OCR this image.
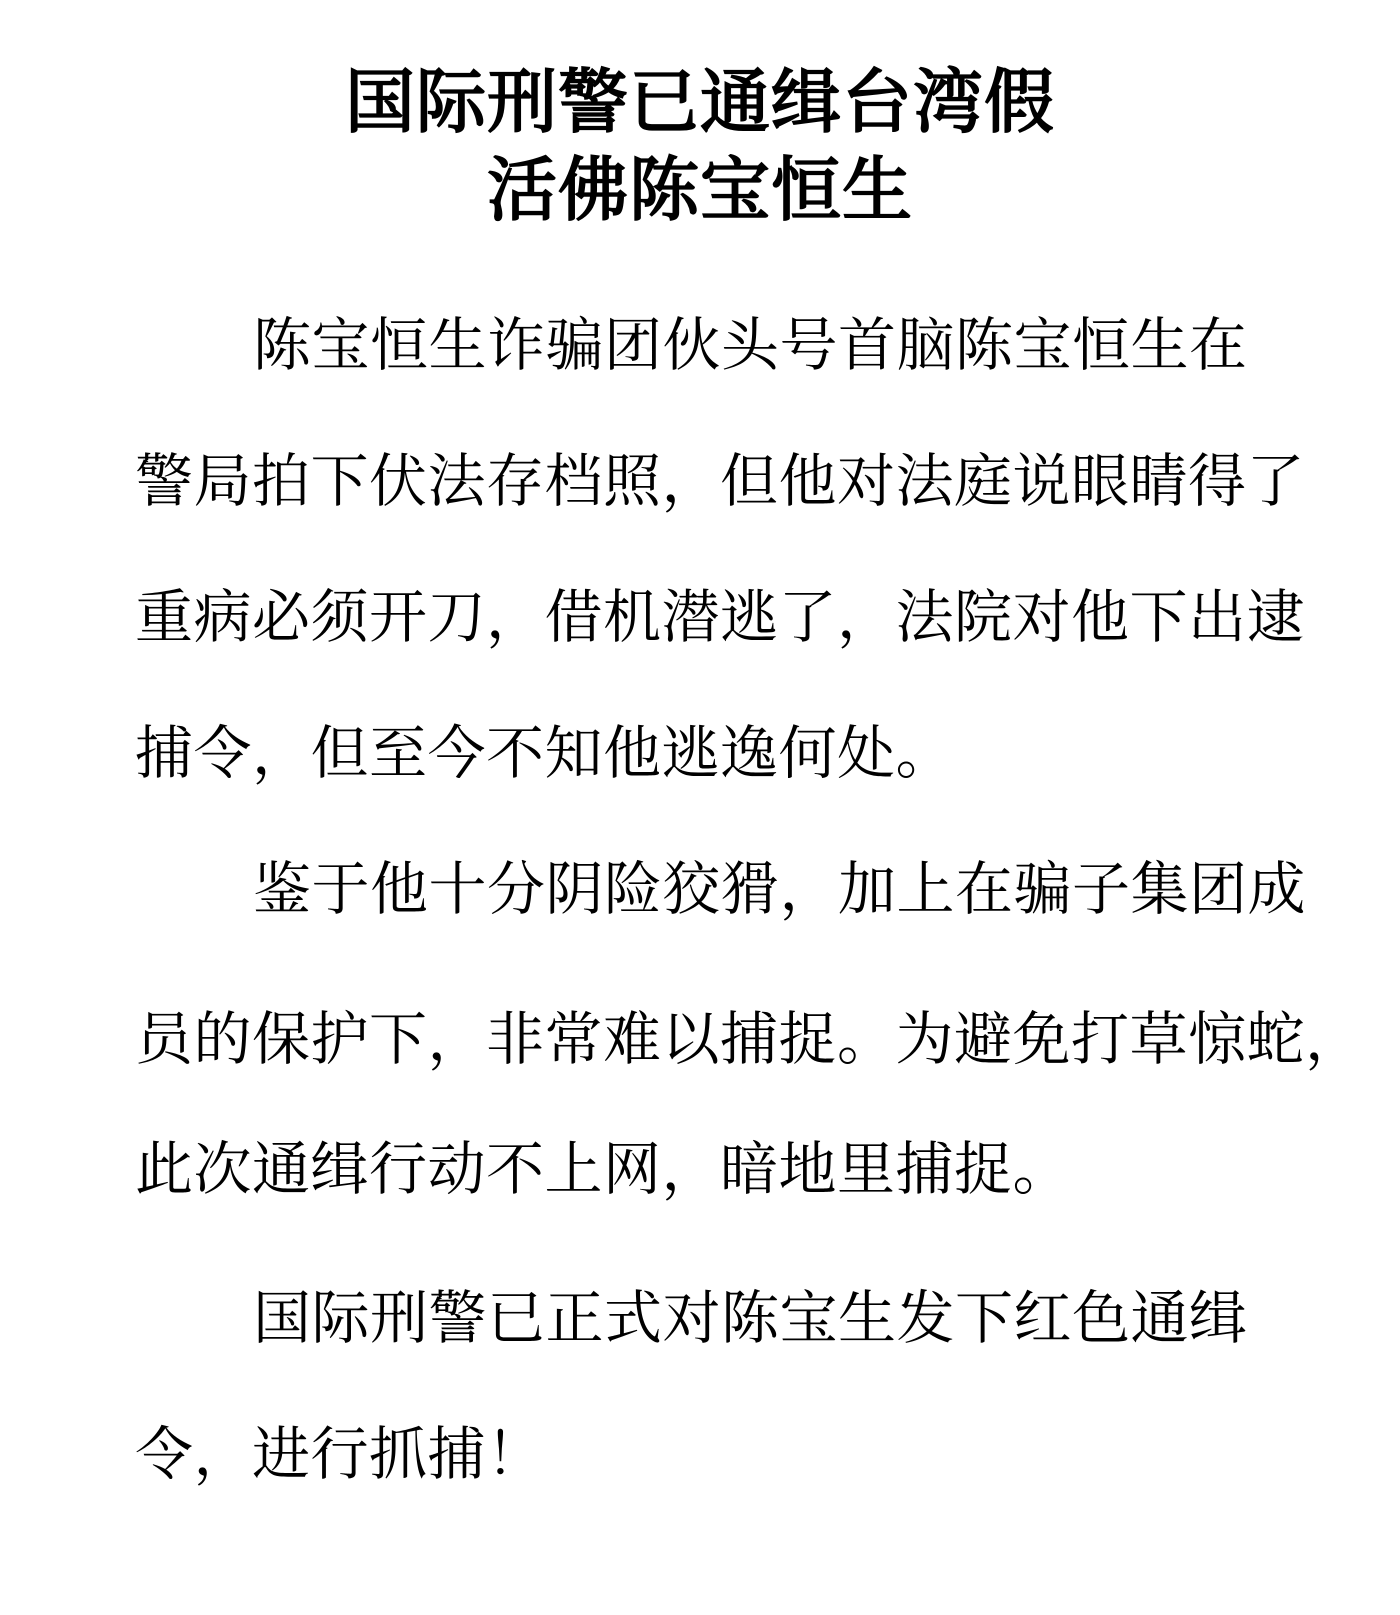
国际刑警已通缉台湾假
活佛陈宝恒生
陈宝恒生诈骗团伙头号首脑陈宝恒生在
警局拍下伏法存档照，但他对法庭说眼睛得了
重病必须开刀，借机潜逃了，法院对他下出逮
捕令，但至今不知他逃逸何处。
鉴于他十分阴险狡猾，加上在骗子集团成
员的保护下，非常难以捕捉。为避免打草惊蛇，
此次通缉行动不上网，暗地里捕捉。
国际刑警已正式对陈宝生发下红色通缉
令，进行抓捕！
